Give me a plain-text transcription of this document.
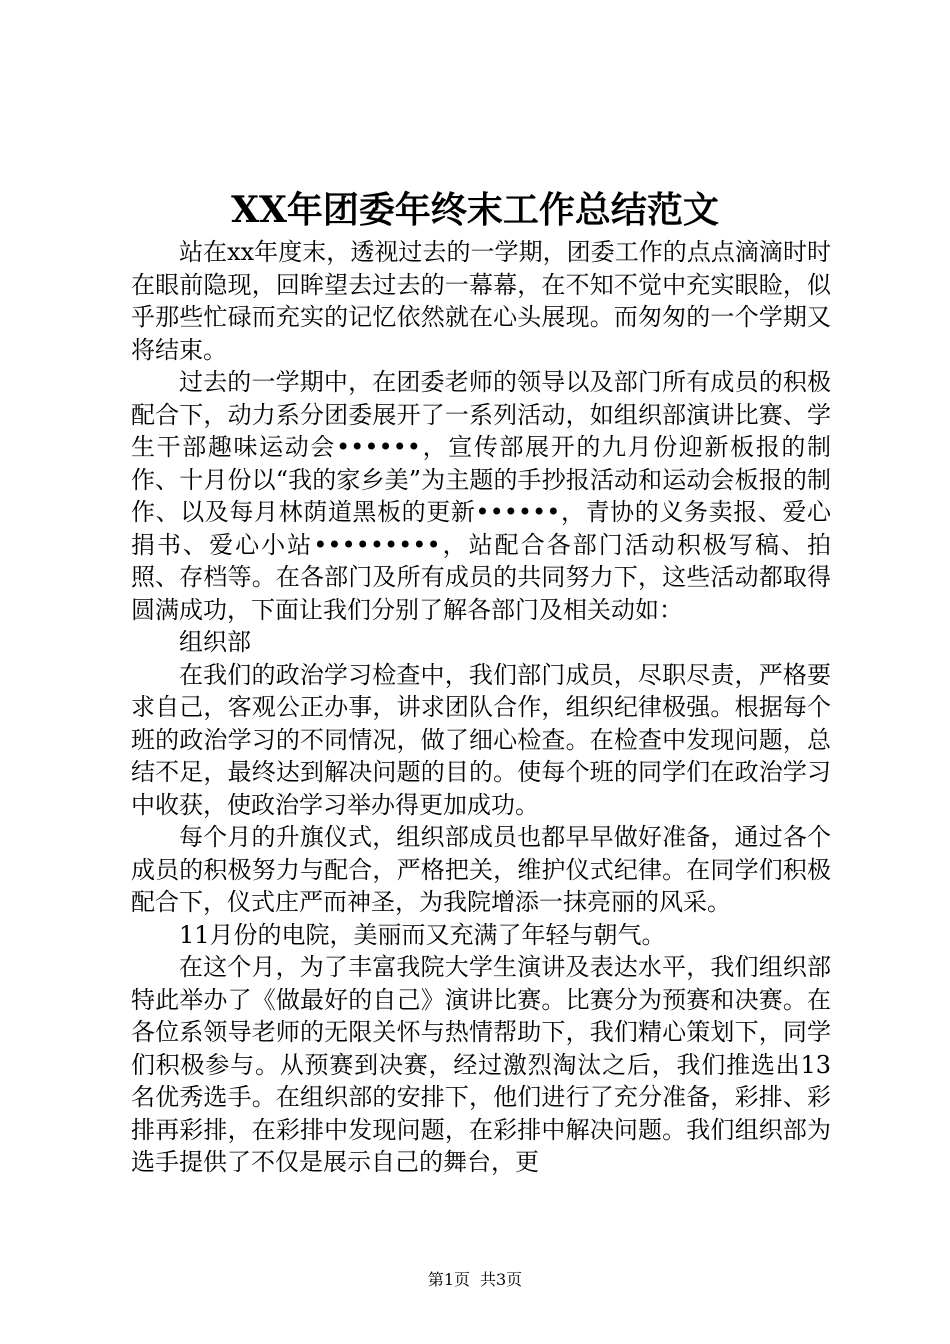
XX年团委年终末工作总结范文

站在xx年度末，透视过去的一学期，团委工作的点点滴滴时时在眼前隐现，回眸望去过去的一幕幕，在不知不觉中充实眼睑，似乎那些忙碌而充实的记忆依然就在心头展现。而匆匆的一个学期又将结束。

过去的一学期中，在团委老师的领导以及部门所有成员的积极配合下，动力系分团委展开了一系列活动，如组织部演讲比赛、学生干部趣味运动会••••••，宣传部展开的九月份迎新板报的制作、十月份以“我的家乡美”为主题的手抄报活动和运动会板报的制作、以及每月林荫道黑板的更新••••••，青协的义务卖报、爱心捐书、爱心小站•••••••••，站配合各部门活动积极写稿、拍照、存档等。在各部门及所有成员的共同努力下，这些活动都取得圆满成功，下面让我们分别了解各部门及相关动如：

组织部

在我们的政治学习检查中，我们部门成员，尽职尽责，严格要求自己，客观公正办事，讲求团队合作，组织纪律极强。根据每个班的政治学习的不同情况，做了细心检查。在检查中发现问题，总结不足，最终达到解决问题的目的。使每个班的同学们在政治学习中收获，使政治学习举办得更加成功。

每个月的升旗仪式，组织部成员也都早早做好准备，通过各个成员的积极努力与配合，严格把关，维护仪式纪律。在同学们积极配合下，仪式庄严而神圣，为我院增添一抹亮丽的风采。

11月份的电院，美丽而又充满了年轻与朝气。

在这个月，为了丰富我院大学生演讲及表达水平，我们组织部特此举办了《做最好的自己》演讲比赛。比赛分为预赛和决赛。在各位系领导老师的无限关怀与热情帮助下，我们精心策划下，同学们积极参与。从预赛到决赛，经过激烈淘汰之后，我们推选出13名优秀选手。在组织部的安排下，他们进行了充分准备，彩排、彩排再彩排，在彩排中发现问题，在彩排中解决问题。我们组织部为选手提供了不仅是展示自己的舞台，更

第1页 共3页
